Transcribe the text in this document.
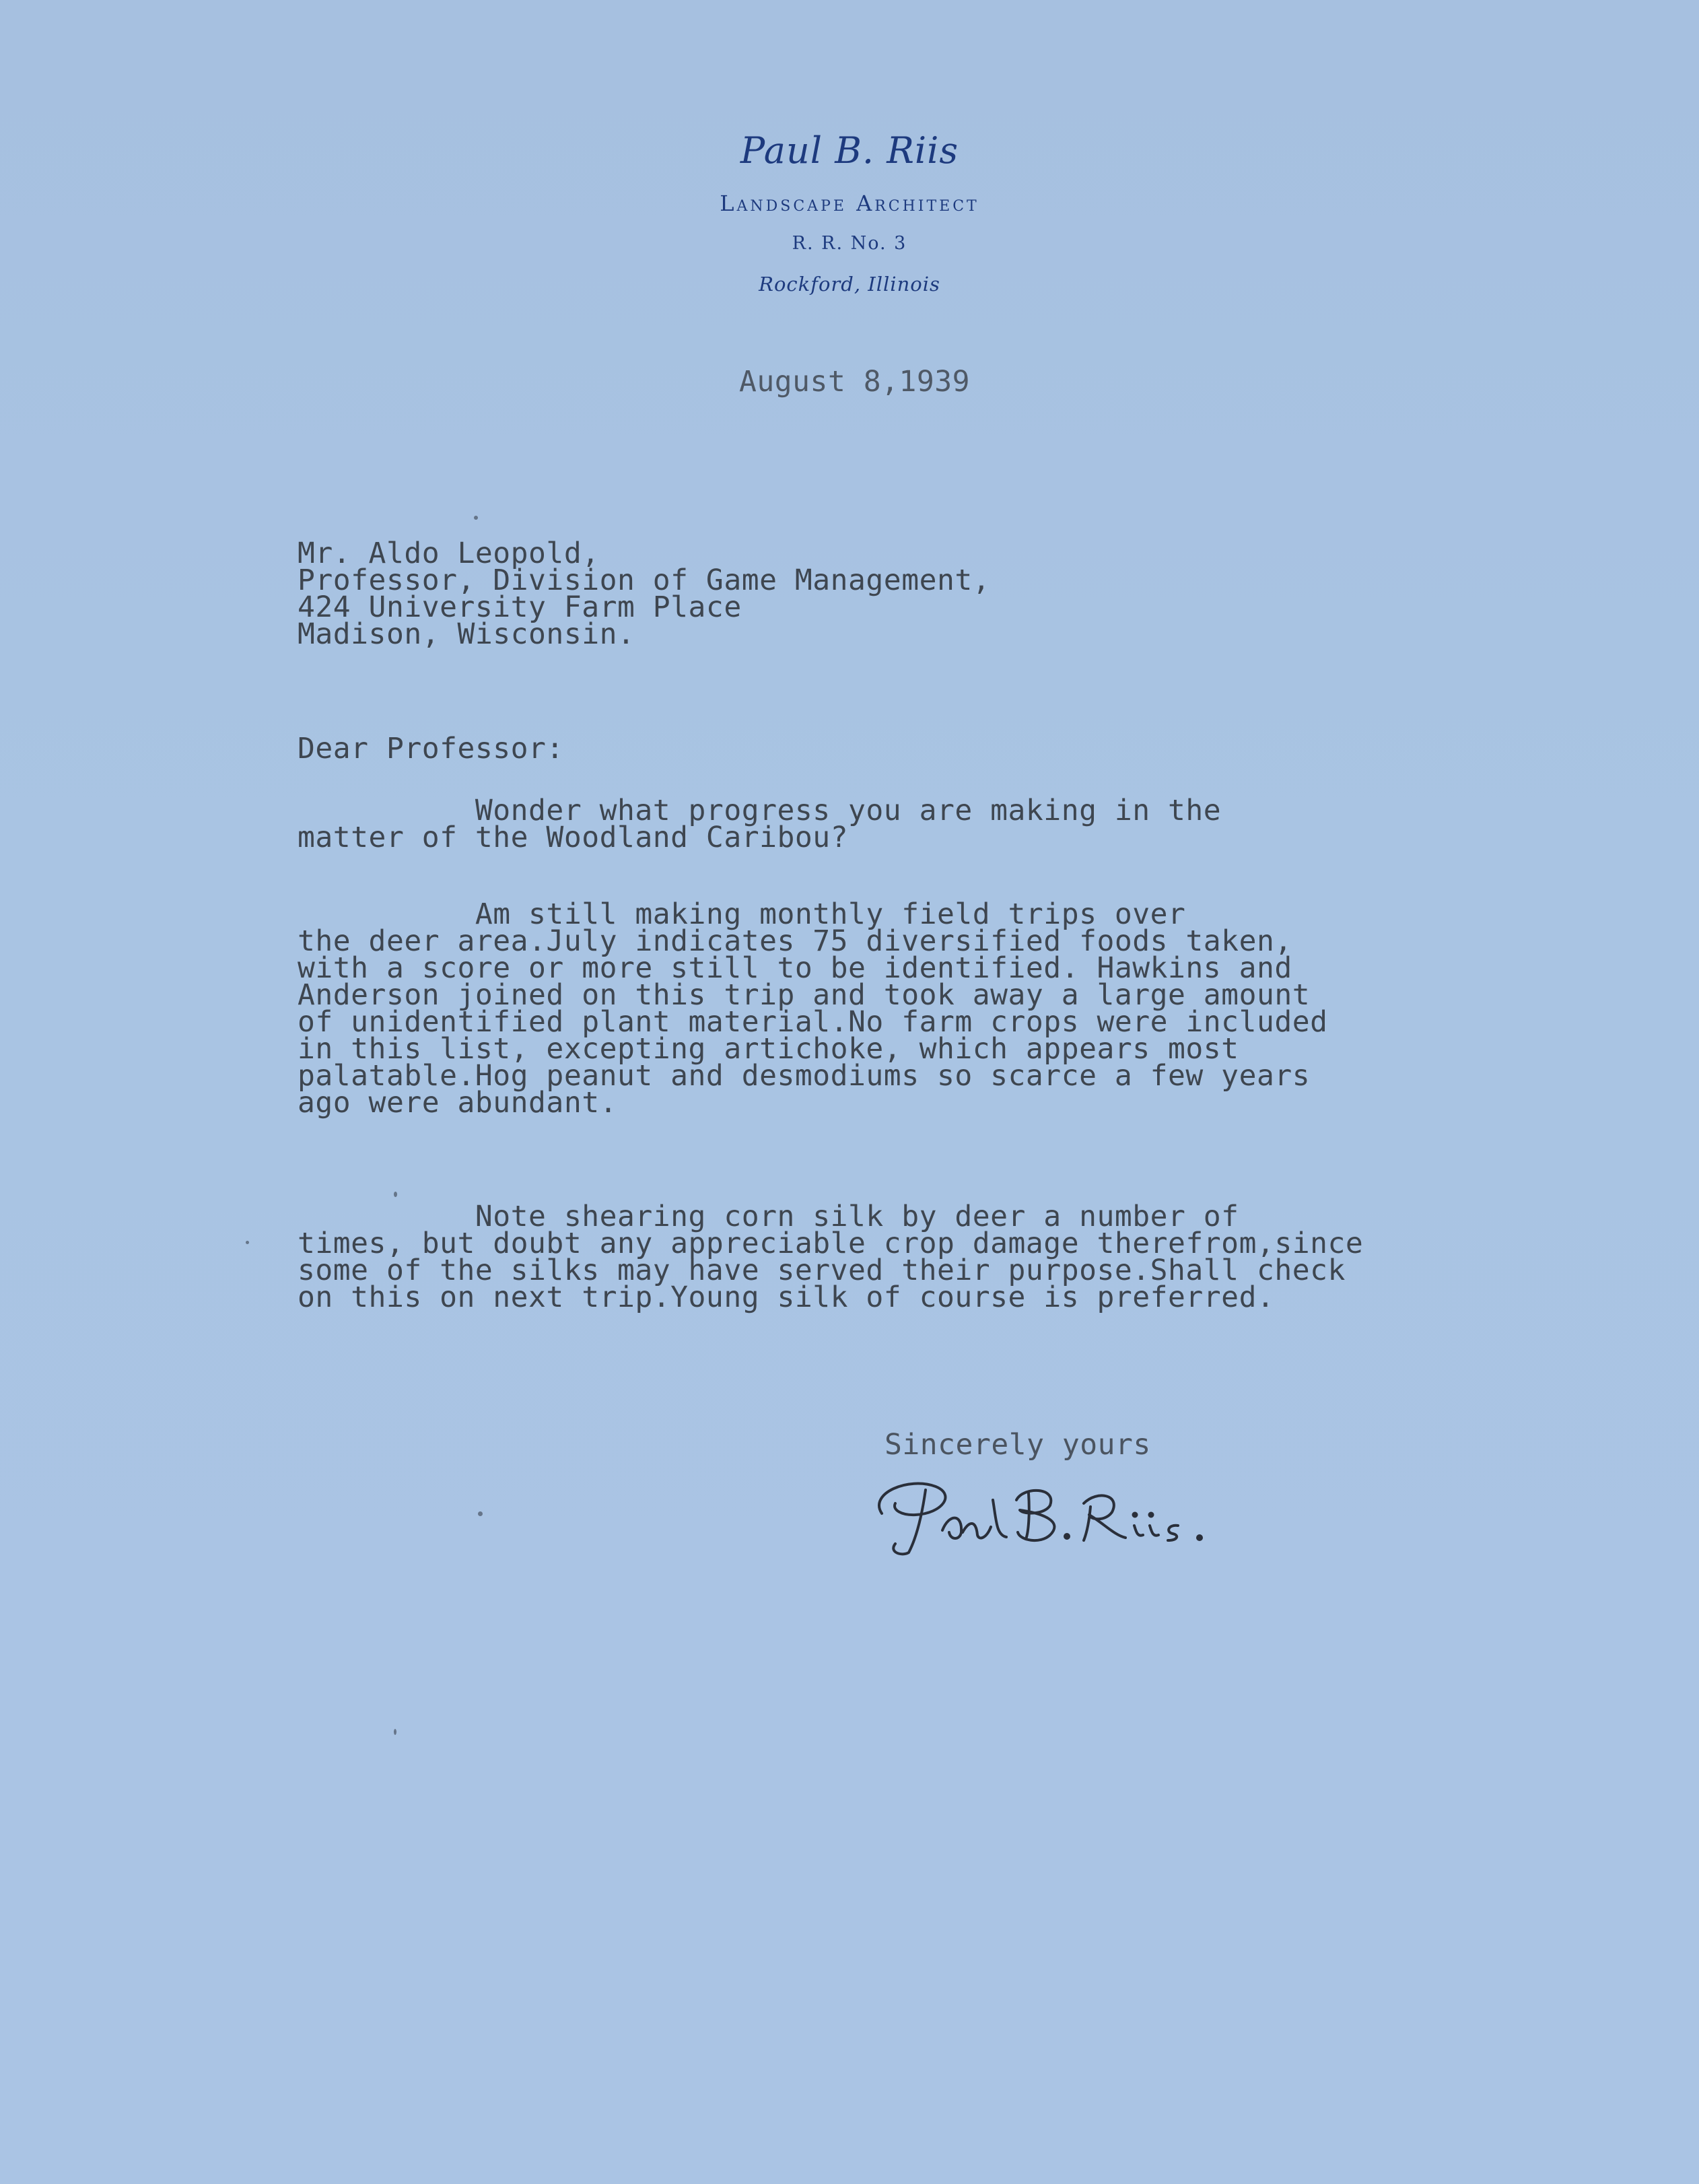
Paul B. Riis
Landscape Architect
R. R. No. 3
Rockford, Illinois
August 8,1939
Mr. Aldo Leopold,
Professor, Division of Game Management,
424 University Farm Place
Madison, Wisconsin.
Dear Professor:
Wonder what progress you are making in the
matter of the Woodland Caribou?
Am still making monthly field trips over
the deer area.July indicates 75 diversified foods taken,
with a score or more still to be identified. Hawkins and
Anderson joined on this trip and took away a large amount
of unidentified plant material.No farm crops were included
in this list, excepting artichoke, which appears most
palatable.Hog peanut and desmodiums so scarce a few years
ago were abundant.
Note shearing corn silk by deer a number of
times, but doubt any appreciable crop damage therefrom,since
some of the silks may have served their purpose.Shall check
on this on next trip.Young silk of course is preferred.
Sincerely yours
